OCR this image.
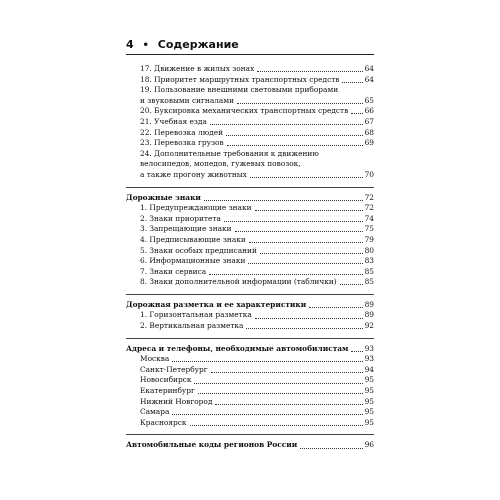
4 • Содержание
17. Движение в жилых зонах	64
18. Приоритет маршрутных транспортных средств	64
19. Пользование внешними световыми приборами
и звуковыми сигналами	65
20. Буксировка механических транспортных средств 66
21. Учебная езда	67
22. Перевозка людей	68
23. Перевозка грузов	69
24. Дополнительные требования к движению
велосипедов, мопедов, гужевых повозок,
а также прогону животных	70
Дорожные знаки	72
1. Предупреждающие знаки	72
2. Знаки приоритета	74
3. Запрещающие знаки	75
4. Предписывающие знаки	79
5. Знаки особых предписаний	80
6. Информационные знаки	83
7. Знаки сервиса	85
8. Знаки дополнительной информации (таблички)	85
Дорожная разметка и ее характеристики	89
1. Горизонтальная разметка	89
2. Вертикальная разметка	92
Адреса и телефоны, необходимые автомобилистам 93
Москва	93
Санкт-Петербург	94
Новосибирск	95
Екатеринбург	95
Нижний Новгород	95
Самара	95
Красноярск	95
Автомобильные коды регионов России	96
